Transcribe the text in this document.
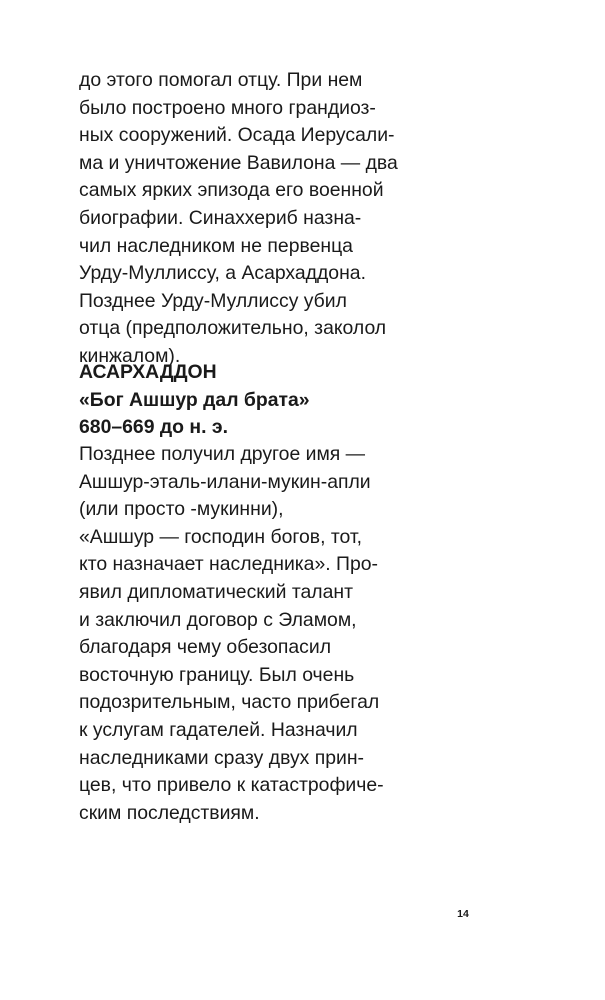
до этого помогал отцу. При нем
было построено много грандиоз-
ных сооружений. Осада Иерусали-
ма и уничтожение Вавилона — два
самых ярких эпизода его военной
биографии. Синаххериб назна-
чил наследником не первенца
Урду-Муллиссу, а Асархаддона.
Позднее Урду-Муллиссу убил
отца (предположительно, заколол
кинжалом).
АСАРХАДДОН
«Бог Ашшур дал брата»
680–669 до н. э.
Позднее получил другое имя —
Ашшур-эталь-илани-мукин-апли
(или просто -мукинни),
«Ашшур — господин богов, тот,
кто назначает наследника». Про-
явил дипломатический талант
и заключил договор с Эламом,
благодаря чему обезопасил
восточную границу. Был очень
подозрительным, часто прибегал
к услугам гадателей. Назначил
наследниками сразу двух прин-
цев, что привело к катастрофиче-
ским последствиям.
14
